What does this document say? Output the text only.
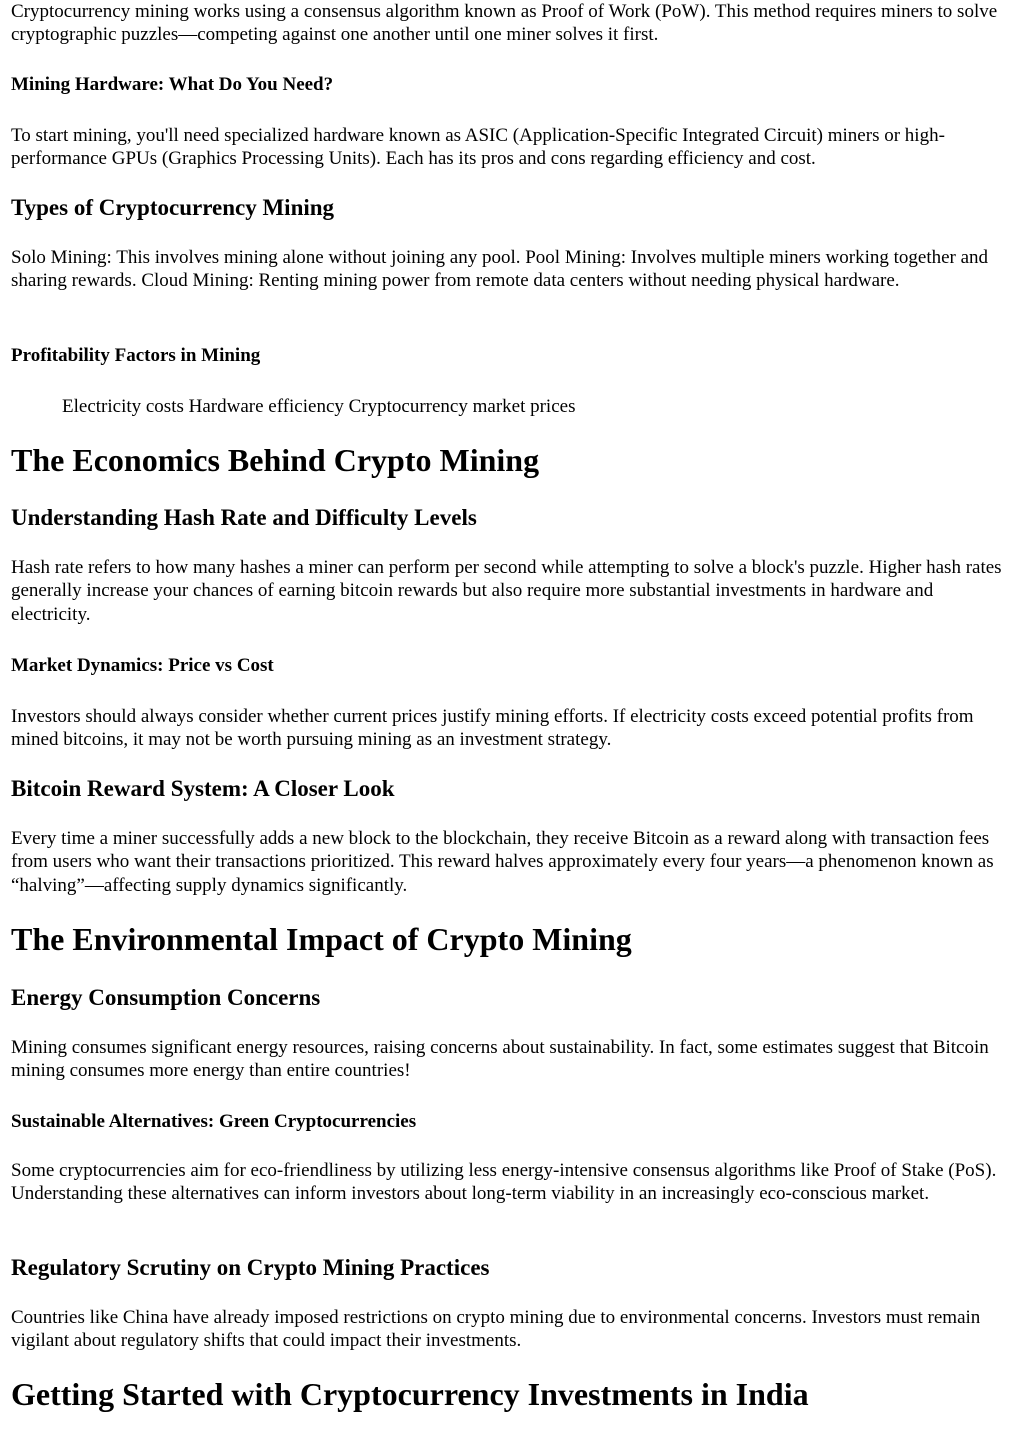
Cryptocurrency mining works using a consensus algorithm known as Proof of Work (PoW). This method requires miners to solve cryptographic puzzles—competing against one another until one miner solves it first.

Mining Hardware: What Do You Need?

To start mining, you'll need specialized hardware known as ASIC (Application-Specific Integrated Circuit) miners or high-performance GPUs (Graphics Processing Units). Each has its pros and cons regarding efficiency and cost.

Types of Cryptocurrency Mining

Solo Mining: This involves mining alone without joining any pool. Pool Mining: Involves multiple miners working together and sharing rewards. Cloud Mining: Renting mining power from remote data centers without needing physical hardware.

Profitability Factors in Mining

Electricity costs Hardware efficiency Cryptocurrency market prices

The Economics Behind Crypto Mining
Understanding Hash Rate and Difficulty Levels

Hash rate refers to how many hashes a miner can perform per second while attempting to solve a block's puzzle. Higher hash rates generally increase your chances of earning bitcoin rewards but also require more substantial investments in hardware and electricity.

Market Dynamics: Price vs Cost

Investors should always consider whether current prices justify mining efforts. If electricity costs exceed potential profits from mined bitcoins, it may not be worth pursuing mining as an investment strategy.

Bitcoin Reward System: A Closer Look

Every time a miner successfully adds a new block to the blockchain, they receive Bitcoin as a reward along with transaction fees from users who want their transactions prioritized. This reward halves approximately every four years—a phenomenon known as “halving”—affecting supply dynamics significantly.

The Environmental Impact of Crypto Mining
Energy Consumption Concerns

Mining consumes significant energy resources, raising concerns about sustainability. In fact, some estimates suggest that Bitcoin mining consumes more energy than entire countries!

Sustainable Alternatives: Green Cryptocurrencies

Some cryptocurrencies aim for eco-friendliness by utilizing less energy-intensive consensus algorithms like Proof of Stake (PoS). Understanding these alternatives can inform investors about long-term viability in an increasingly eco-conscious market.

Regulatory Scrutiny on Crypto Mining Practices

Countries like China have already imposed restrictions on crypto mining due to environmental concerns. Investors must remain vigilant about regulatory shifts that could impact their investments.

Getting Started with Cryptocurrency Investments in India
